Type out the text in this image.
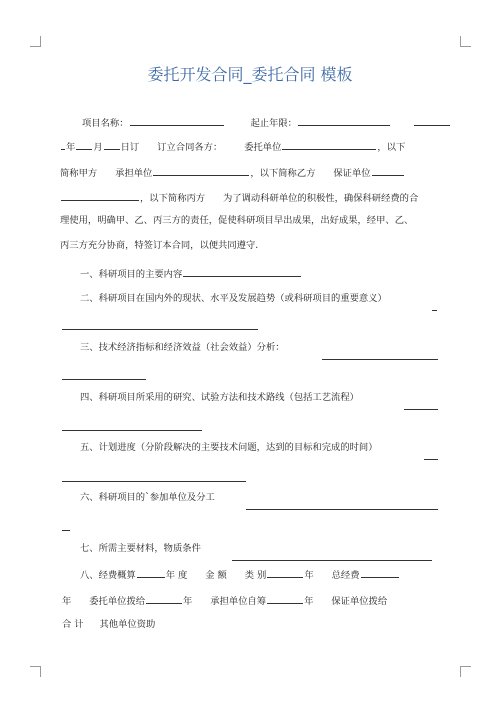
委托开发合同_委托合同 模板
项目名称：	起止年限：
年 月 日订 订立合同各方： 委托单位	，以下
简称甲方 承担单位	，以下简称乙方 保证单位
，以下简称丙方 为了调动科研单位的积极性，确保科研经费的合
理使用，明确甲、乙、丙三方的责任，促使科研项目早出成果，出好成果，经甲、乙、
丙三方充分协商，特签订本合同，以便共同遵守.
一、科研项目的主要内容
二、科研项目在国内外的现状、水平及发展趋势（或科研项目的重要意义）
三、技术经济指标和经济效益（社会效益）分析：
四、科研项目所采用的研究、试验方法和技术路线（包括工艺流程）
五、计划进度（分阶段解决的主要技术问题，达到的目标和完成的时间）
六、科研项目的`参加单位及分工
七、所需主要材料，物质条件
八、经费概算	年 度 金 额 类 别	年 总经费
年 委托单位拨给	年 承担单位自筹	年 保证单位拨给
合 计 其他单位资助
